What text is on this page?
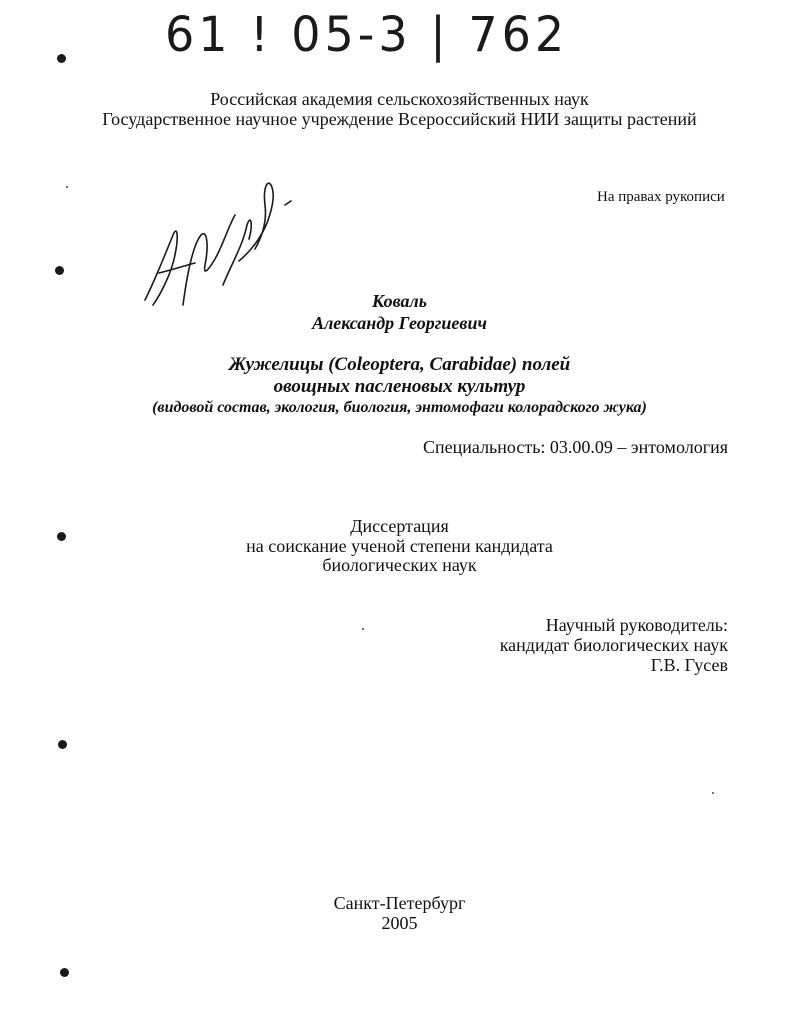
61 ! 05-3 | 762
Российская академия сельскохозяйственных наук
Государственное научное учреждение Всероссийский НИИ защиты растений
На правах рукописи
Коваль
Александр Георгиевич
Жужелицы (Coleoptera, Carabidae) полей
овощных пасленовых культур
(видовой состав, экология, биология, энтомофаги колорадского жука)
Специальность: 03.00.09 – энтомология
Диссертация
на соискание ученой степени кандидата
биологических наук
Научный руководитель:
кандидат биологических наук
Г.В. Гусев
Санкт-Петербург
2005
